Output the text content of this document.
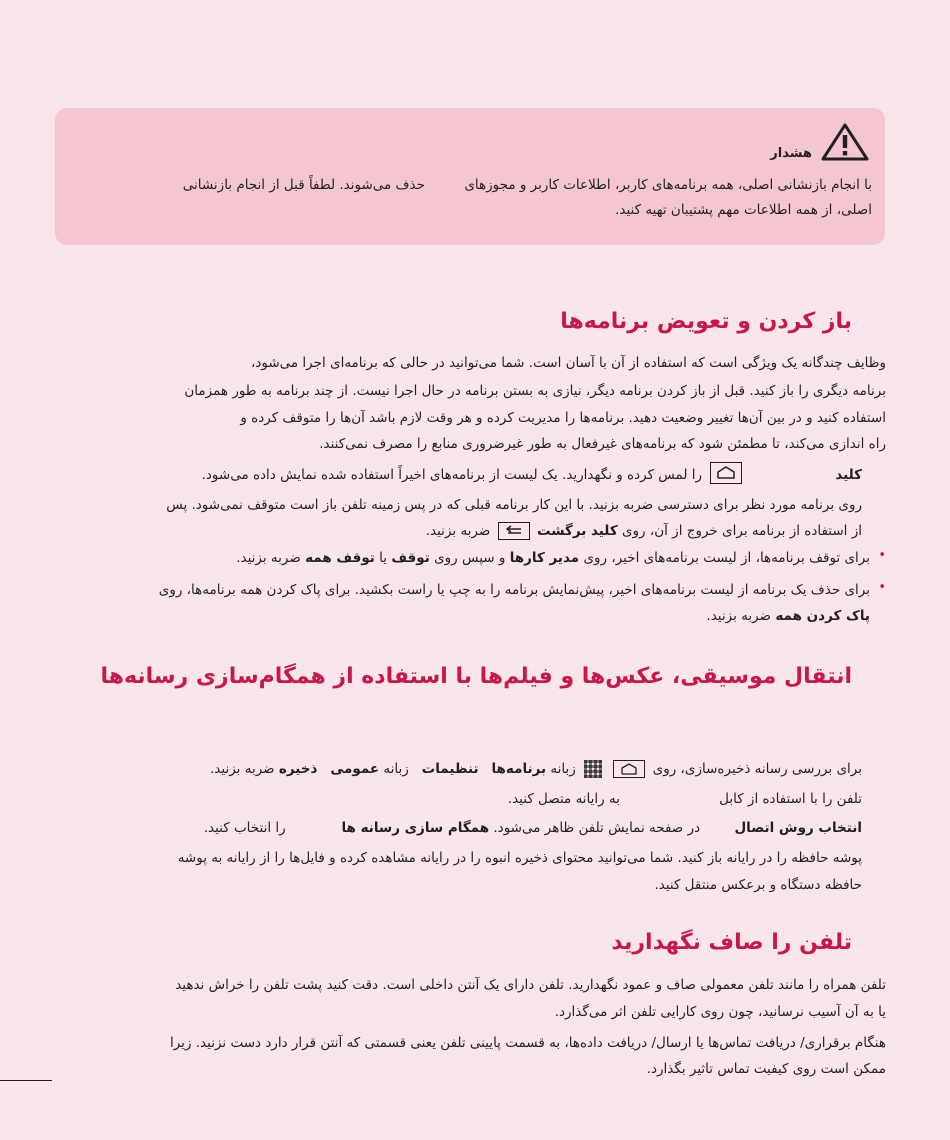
هشدار
با انجام بازنشانی اصلی، همه برنامه‌های کاربر، اطلاعات کاربر و مجوزهای
حذف می‌شوند. لطفاً قبل از انجام بازنشانی
اصلی، از همه اطلاعات مهم پشتیبان تهیه کنید.
باز کردن و تعویض برنامه‌ها
وظایف چندگانه یک ویژگی است که استفاده از آن با آسان است. شما می‌توانید در حالی که برنامه‌ای اجرا می‌شود،
برنامه دیگری را باز کنید. قبل از باز کردن برنامه دیگر، نیازی به بستن برنامه در حال اجرا نیست. از چند برنامه به طور همزمان
استفاده کنید و در بین آن‌ها تغییر وضعیت دهید. برنامه‌ها را مدیریت کرده و هر وقت لازم باشد آن‌ها را متوقف کرده و
راه اندازی می‌کند، تا مطمئن شود که برنامه‌های غیرفعال به طور غیرضروری منابع را مصرف نمی‌کنند.
کلید
را لمس کرده و نگهدارید. یک لیست از برنامه‌های اخیراً استفاده شده نمایش داده می‌شود.
روی برنامه مورد نظر برای دسترسی ضربه بزنید. با این کار برنامه قبلی که در پس زمینه تلفن باز است متوقف نمی‌شود. پس
از استفاده از برنامه برای خروج از آن، روی کلید برگشت
ضربه بزنید.
•
برای توقف برنامه‌ها، از لیست برنامه‌های اخیر، روی مدیر کارها و سپس روی توقف یا توقف همه ضربه بزنید.
•
برای حذف یک برنامه از لیست برنامه‌های اخیر، پیش‌نمایش برنامه را به چپ یا راست بکشید. برای پاک کردن همه برنامه‌ها، روی
پاک کردن همه ضربه بزنید.
انتقال موسیقی، عکس‌ها و فیلم‌ها با استفاده از همگام‌سازی رسانه‌ها
برای بررسی رسانه ذخیره‌سازی، روی
زبانه برنامه‌ها   تنظیمات   زبانه عمومی   ذخیره ضربه بزنید.
تلفن را با استفاده از کابل
به رایانه متصل کنید.
انتخاب روش اتصال        در صفحه نمایش تلفن ظاهر می‌شود. همگام سازی رسانه ها             را انتخاب کنید.
پوشه حافظه را در رایانه باز کنید. شما می‌توانید محتوای ذخیره انبوه را در رایانه مشاهده کرده و فایل‌ها را از رایانه به پوشه
حافظه دستگاه و برعکس منتقل کنید.
تلفن را صاف نگهدارید
تلفن همراه را مانند تلفن معمولی صاف و عمود نگهدارید. تلفن دارای یک آنتن داخلی است. دقت کنید پشت تلفن را خراش ندهید
یا به آن آسیب نرسانید، چون روی کارایی تلفن اثر می‌گذارد.
هنگام برقراری/ دریافت تماس‌ها یا ارسال/ دریافت داده‌ها، به قسمت پایینی تلفن یعنی قسمتی که آنتن قرار دارد دست نزنید. زیرا
ممکن است روی کیفیت تماس تاثیر بگذارد.
